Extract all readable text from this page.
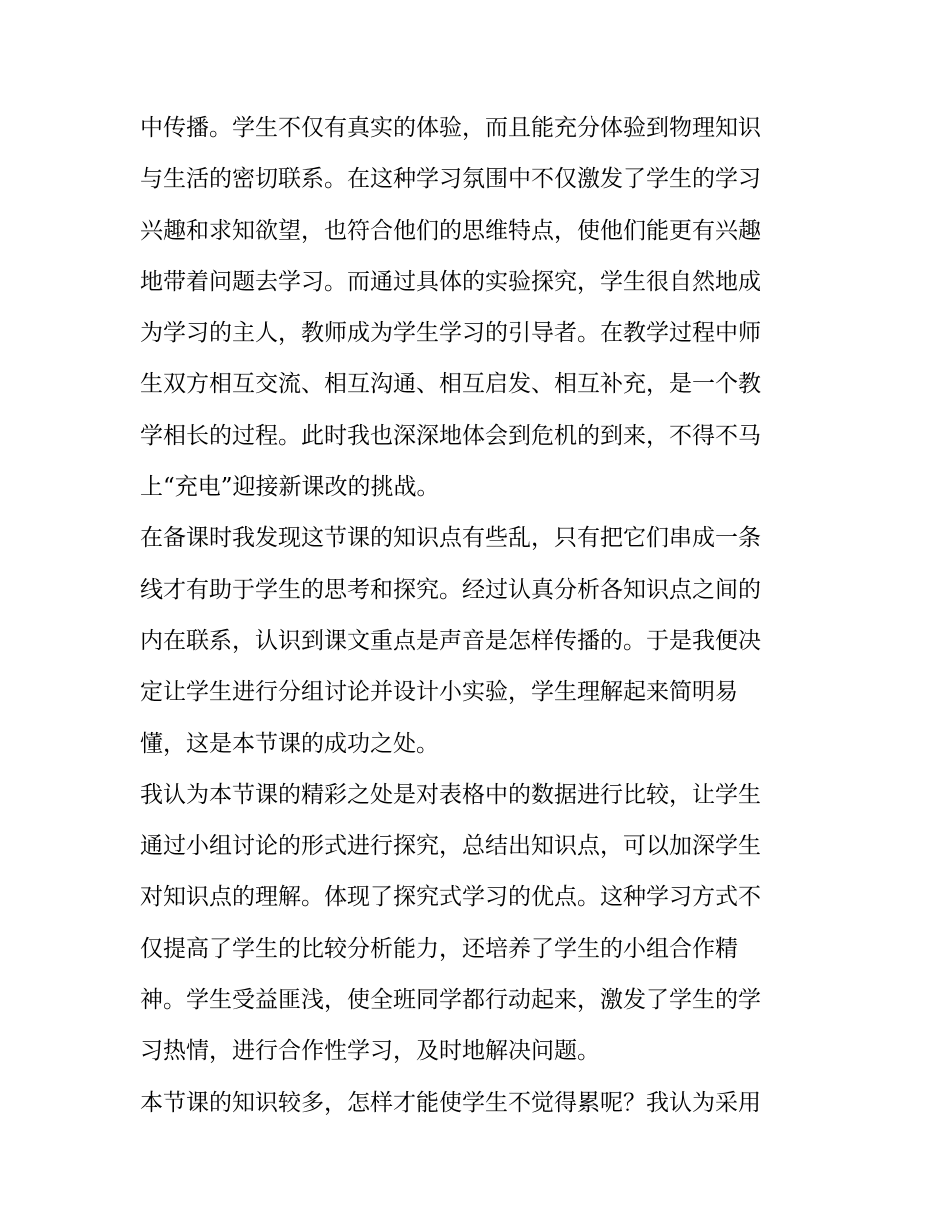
中传播。学生不仅有真实的体验，而且能充分体验到物理知识
与生活的密切联系。在这种学习氛围中不仅激发了学生的学习
兴趣和求知欲望，也符合他们的思维特点，使他们能更有兴趣
地带着问题去学习。而通过具体的实验探究，学生很自然地成
为学习的主人，教师成为学生学习的引导者。在教学过程中师
生双方相互交流、相互沟通、相互启发、相互补充，是一个教
学相长的过程。此时我也深深地体会到危机的到来，不得不马
上“充电”迎接新课改的挑战。
在备课时我发现这节课的知识点有些乱，只有把它们串成一条
线才有助于学生的思考和探究。经过认真分析各知识点之间的
内在联系，认识到课文重点是声音是怎样传播的。于是我便决
定让学生进行分组讨论并设计小实验，学生理解起来简明易
懂，这是本节课的成功之处。
我认为本节课的精彩之处是对表格中的数据进行比较，让学生
通过小组讨论的形式进行探究，总结出知识点，可以加深学生
对知识点的理解。体现了探究式学习的优点。这种学习方式不
仅提高了学生的比较分析能力，还培养了学生的小组合作精
神。学生受益匪浅，使全班同学都行动起来，激发了学生的学
习热情，进行合作性学习，及时地解决问题。
本节课的知识较多，怎样才能使学生不觉得累呢？我认为采用
